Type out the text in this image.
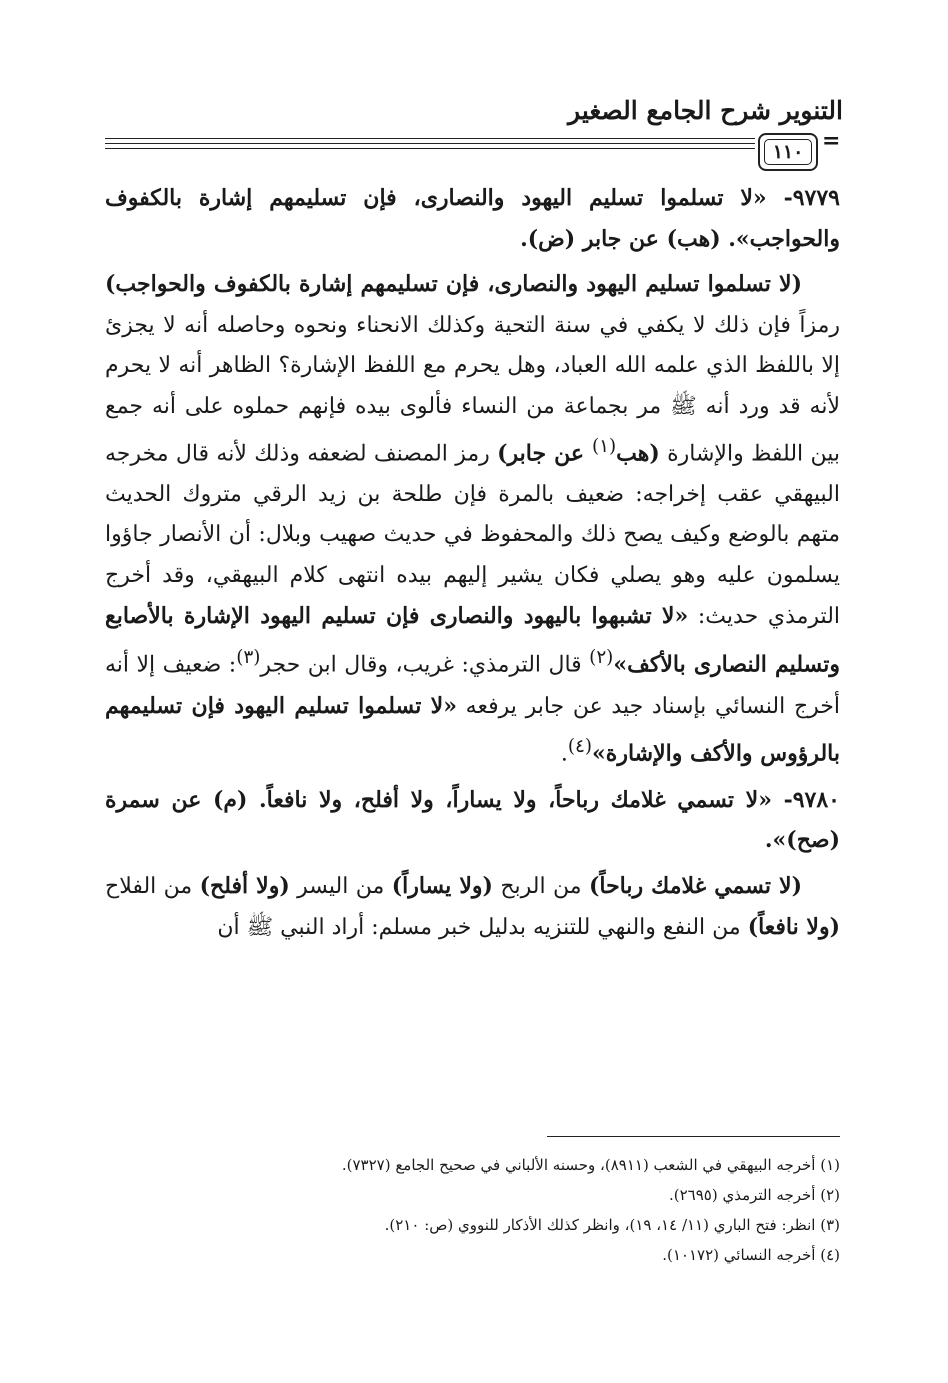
التنوير شرح الجامع الصغير
١١٠ =

٩٧٧٩- «لا تسلموا تسليم اليهود والنصارى، فإن تسليمهم إشارة بالكفوف والحواجب». (هب) عن جابر (ض).

(لا تسلموا تسليم اليهود والنصارى، فإن تسليمهم إشارة بالكفوف والحواجب) رمزاً فإن ذلك لا يكفي في سنة التحية وكذلك الانحناء ونحوه وحاصله أنه لا يجزئ إلا باللفظ الذي علمه الله العباد، وهل يحرم مع اللفظ الإشارة؟ الظاهر أنه لا يحرم لأنه قد ورد أنه ﷺ مر بجماعة من النساء فألوى بيده فإنهم حملوه على أنه جمع بين اللفظ والإشارة (هب$^{(١)}$ عن جابر) رمز المصنف لضعفه وذلك لأنه قال مخرجه البيهقي عقب إخراجه: ضعيف بالمرة فإن طلحة بن زيد الرقي متروك الحديث متهم بالوضع وكيف يصح ذلك والمحفوظ في حديث صهيب وبلال: أن الأنصار جاؤوا يسلمون عليه وهو يصلي فكان يشير إليهم بيده انتهى كلام البيهقي، وقد أخرج الترمذي حديث: «لا تشبهوا باليهود والنصارى فإن تسليم اليهود الإشارة بالأصابع وتسليم النصارى بالأكف»$^{(٢)}$ قال الترمذي: غريب، وقال ابن حجر$^{(٣)}$: ضعيف إلا أنه أخرج النسائي بإسناد جيد عن جابر يرفعه «لا تسلموا تسليم اليهود فإن تسليمهم بالرؤوس والأكف والإشارة»$^{(٤)}$.

٩٧٨٠- «لا تسمي غلامك رباحاً، ولا يساراً، ولا أفلح، ولا نافعاً. (م) عن سمرة (صح)».

(لا تسمي غلامك رباحاً) من الربح (ولا يساراً) من اليسر (ولا أفلح) من الفلاح (ولا نافعاً) من النفع والنهي للتنزيه بدليل خبر مسلم: أراد النبي ﷺ أن

(١) أخرجه البيهقي في الشعب (٨٩١١)، وحسنه الألباني في صحيح الجامع (٧٣٢٧).

(٢) أخرجه الترمذي (٢٦٩٥).

(٣) انظر: فتح الباري (١١/ ١٤، ١٩)، وانظر كذلك الأذكار للنووي (ص: ٢١٠).

(٤) أخرجه النسائي (١٠١٧٢).
